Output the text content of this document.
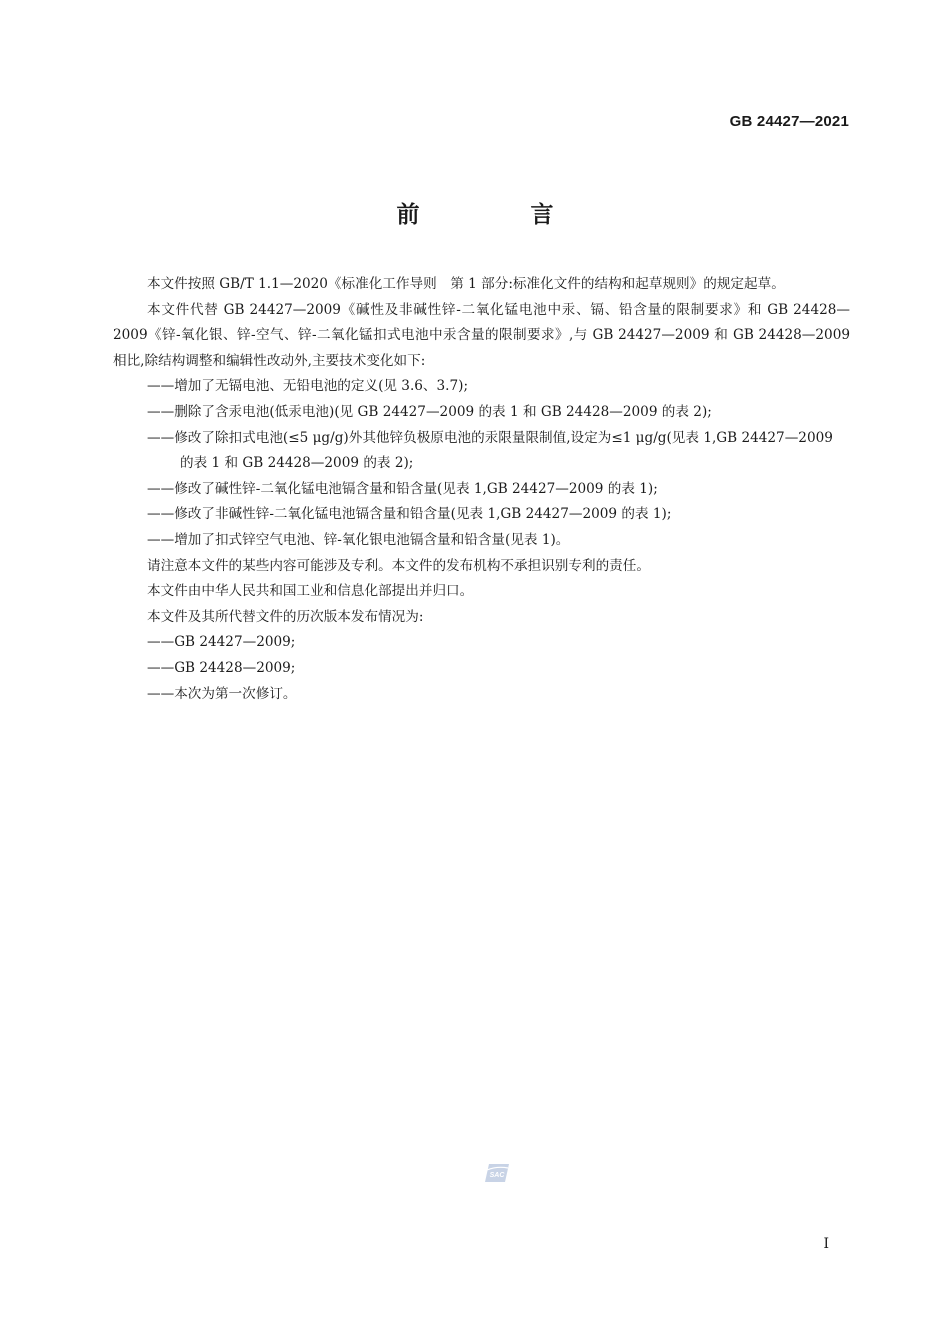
GB 24427—2021
前　言

本文件按照 GB/T 1.1—2020《标准化工作导则　第 1 部分:标准化文件的结构和起草规则》的规定起草。

本文件代替 GB 24427—2009《碱性及非碱性锌-二氧化锰电池中汞、镉、铅含量的限制要求》和 GB 24428—2009《锌-氧化银、锌-空气、锌-二氧化锰扣式电池中汞含量的限制要求》,与 GB 24427—2009 和 GB 24428—2009 相比,除结构调整和编辑性改动外,主要技术变化如下:

——增加了无镉电池、无铅电池的定义(见 3.6、3.7);

——删除了含汞电池(低汞电池)(见 GB 24427—2009 的表 1 和 GB 24428—2009 的表 2);

——修改了除扣式电池(≤5 μg/g)外其他锌负极原电池的汞限量限制值,设定为≤1 μg/g(见表 1,GB 24427—2009 的表 1 和 GB 24428—2009 的表 2);

——修改了碱性锌-二氧化锰电池镉含量和铅含量(见表 1,GB 24427—2009 的表 1);

——修改了非碱性锌-二氧化锰电池镉含量和铅含量(见表 1,GB 24427—2009 的表 1);

——增加了扣式锌空气电池、锌-氧化银电池镉含量和铅含量(见表 1)。

请注意本文件的某些内容可能涉及专利。本文件的发布机构不承担识别专利的责任。

本文件由中华人民共和国工业和信息化部提出并归口。

本文件及其所代替文件的历次版本发布情况为:

——GB 24427—2009;

——GB 24428—2009;

——本次为第一次修订。

SAC
I
